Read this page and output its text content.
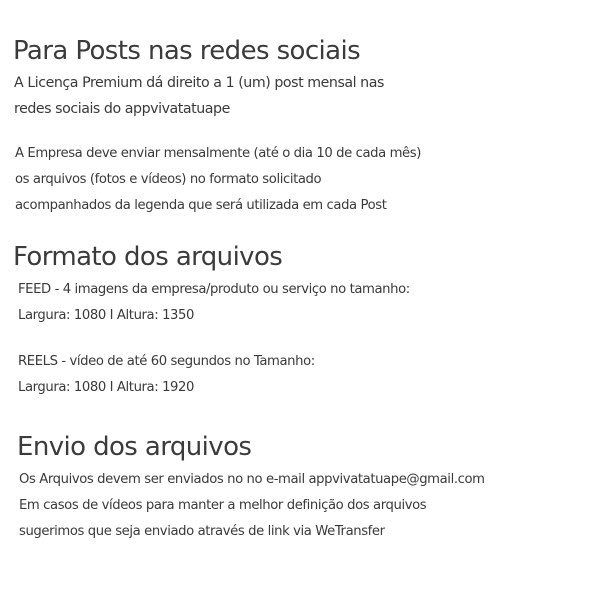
Para Posts nas redes sociais
A Licença Premium dá direito a 1 (um) post mensal nas
redes sociais do appvivatatuape
A Empresa deve enviar mensalmente (até o dia 10 de cada mês)
os arquivos (fotos e vídeos) no formato solicitado
acompanhados da legenda que será utilizada em cada Post
Formato dos arquivos
FEED - 4 imagens da empresa/produto ou serviço no tamanho:
Largura: 1080 I Altura: 1350
REELS - vídeo de até 60 segundos no Tamanho:
Largura: 1080 I Altura: 1920
Envio dos arquivos
Os Arquivos devem ser enviados no no e-mail appvivatatuape@gmail.com
Em casos de vídeos para manter a melhor definição dos arquivos
sugerimos que seja enviado através de link via WeTransfer
